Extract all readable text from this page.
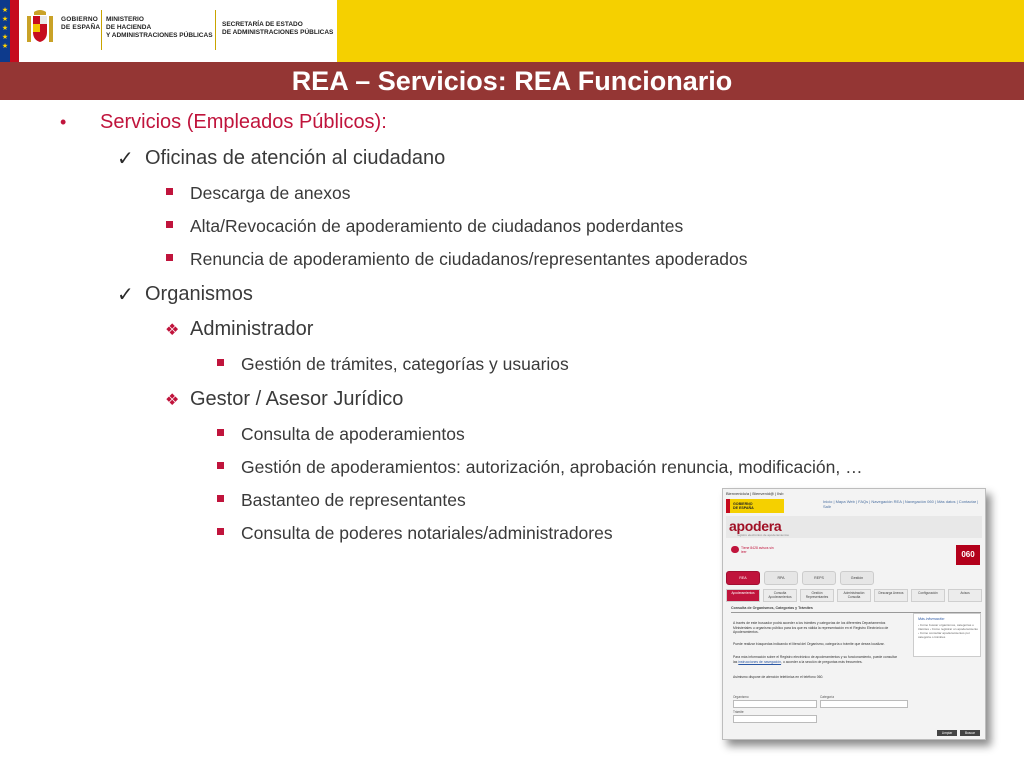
★ ★ ★ ★ ★
GOBIERNO
DE ESPAÑA
MINISTERIO
DE HACIENDA
Y ADMINISTRACIONES PÚBLICAS
SECRETARÍA DE ESTADO
DE ADMINISTRACIONES PÚBLICAS
REA – Servicios: REA Funcionario
• Servicios (Empleados Públicos):
✓ Oficinas de atención al ciudadano
Descarga de anexos
Alta/Revocación de apoderamiento de ciudadanos poderdantes
Renuncia de apoderamiento de ciudadanos/representantes apoderados
✓ Organismos
❖ Administrador
Gestión de trámites, categorías y usuarios
❖ Gestor / Asesor Jurídico
Consulta de apoderamientos
Gestión de apoderamientos: autorización, aprobación renuncia, modificación, …
Bastanteo de representantes
Consulta de poderes notariales/administradores
Bienvenido/a | Bienvenid@ | Ilsb
Inicio | Mapa Web | FAQs | Navegación REA | Navegación 060 | Más datos | Contactar | Salir
GOBIERNO
DE ESPAÑA
apodera
registro electrónico de apoderamientos
060
Tiene 8428 avisos sin
leer
REA	RPA	REPS	Gestión
Apoderamientos	Consulta Apoderamientos
Gestión Representantes
Administración Consulta
Descarga Anexos	Configuración	Avisos
Consulta de Organismos, Categorías y Trámites
A través de este buscador podrá acceder a los trámites y categorías de los diferentes Departamentos Ministeriales u organismo público para los que es válida la representación en el Registro Electrónico de Apoderamientos.
Puede realizar búsquedas indicando el literal del Organismo, categoría o trámite que desea localizar.
Para más información sobre el Registro electrónico de apoderamientos y su funcionamiento, puede consultar las instrucciones de navegación, o acceder a la sección de preguntas más frecuentes.
Asimismo dispone de atención telefónica en el teléfono 060.
Más información
› Cómo buscar organismos, categorías o trámites › Cómo registrar un apoderamiento › Cómo consultar apoderamientos por categoría o trámites
Organismo	Categoría
Trámite
Limpiar	Buscar
